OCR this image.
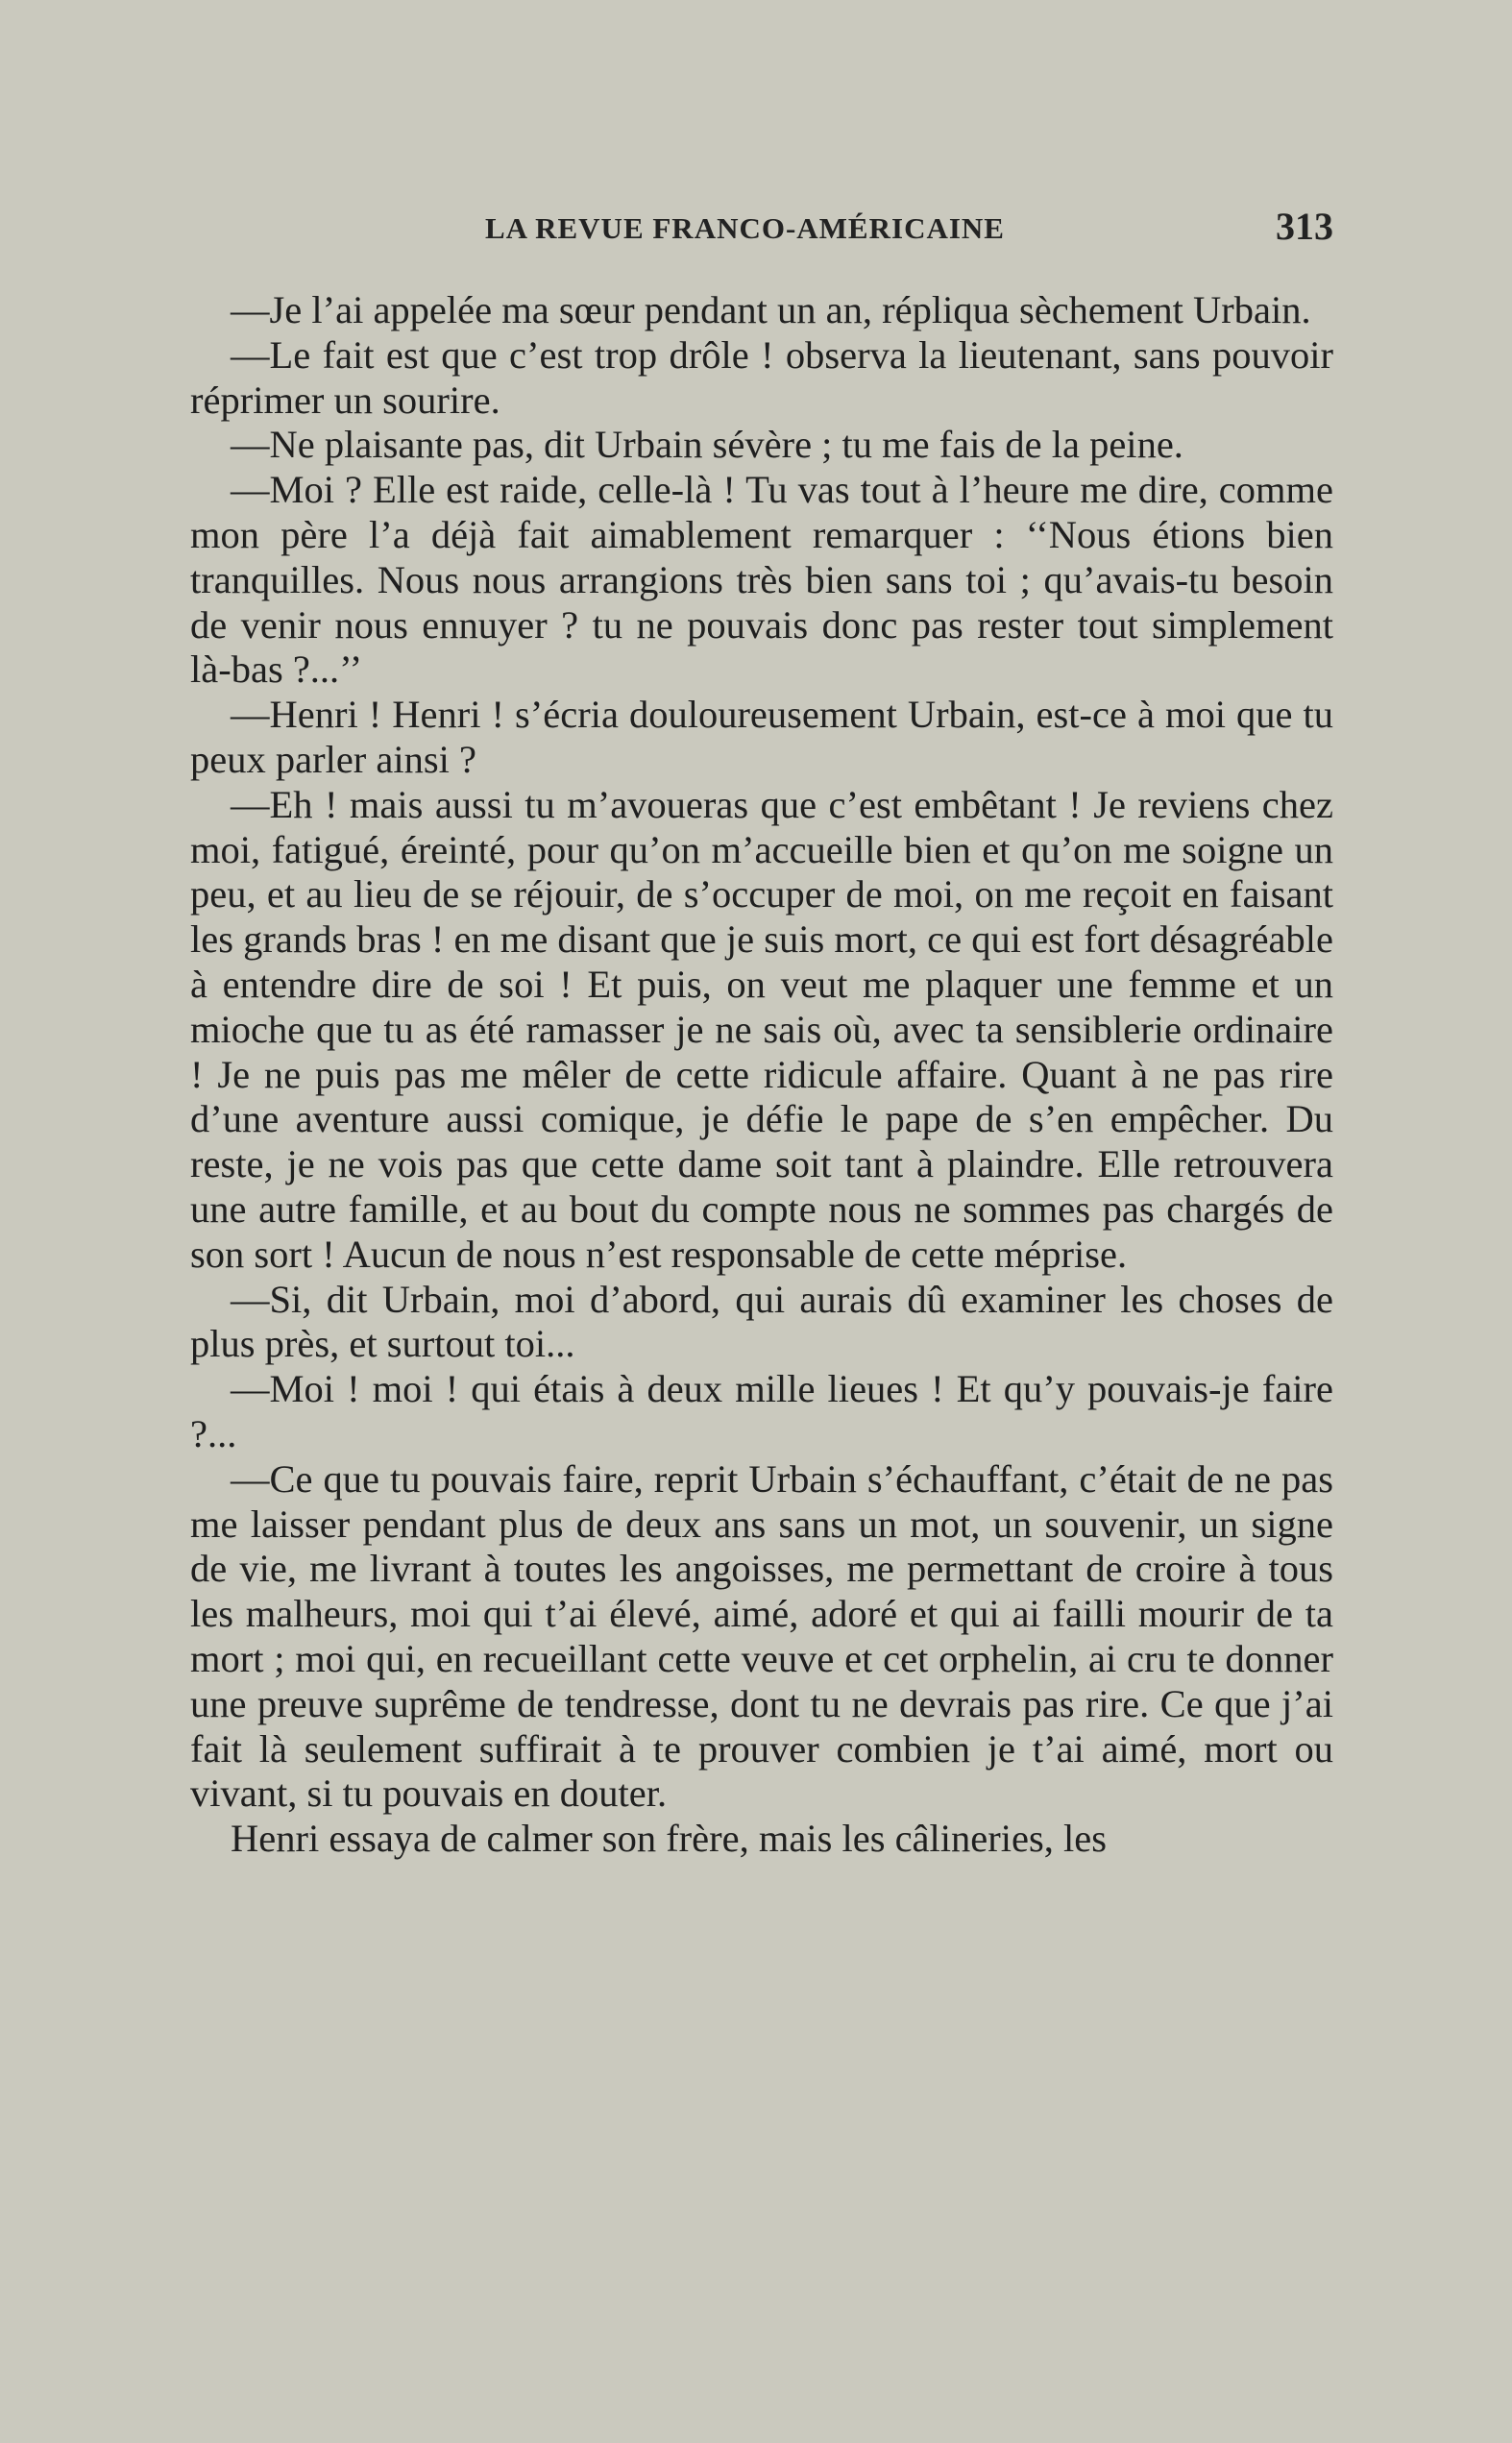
LA REVUE FRANCO-AMÉRICAINE	313

—Je l’ai appelée ma sœur pendant un an, répliqua sèchement Urbain.

—Le fait est que c’est trop drôle ! observa la lieutenant, sans pouvoir réprimer un sourire.

—Ne plaisante pas, dit Urbain sévère ; tu me fais de la peine.

—Moi ? Elle est raide, celle-là ! Tu vas tout à l’heure me dire, comme mon père l’a déjà fait aimablement remarquer : ‘‘Nous étions bien tranquilles. Nous nous arrangions très bien sans toi ; qu’avais-tu besoin de venir nous ennuyer ? tu ne pouvais donc pas rester tout simplement là-bas ?...’’

—Henri ! Henri ! s’écria douloureusement Urbain, est-ce à moi que tu peux parler ainsi ?

—Eh ! mais aussi tu m’avoueras que c’est embêtant ! Je reviens chez moi, fatigué, éreinté, pour qu’on m’accueille bien et qu’on me soigne un peu, et au lieu de se réjouir, de s’occuper de moi, on me reçoit en faisant les grands bras ! en me disant que je suis mort, ce qui est fort désagréable à entendre dire de soi ! Et puis, on veut me plaquer une femme et un mioche que tu as été ramasser je ne sais où, avec ta sensiblerie ordinaire ! Je ne puis pas me mêler de cette ridicule affaire. Quant à ne pas rire d’une aventure aussi comique, je défie le pape de s’en empêcher. Du reste, je ne vois pas que cette dame soit tant à plaindre. Elle retrouvera une autre famille, et au bout du compte nous ne sommes pas chargés de son sort ! Aucun de nous n’est responsable de cette méprise.

—Si, dit Urbain, moi d’abord, qui aurais dû examiner les choses de plus près, et surtout toi...

—Moi ! moi ! qui étais à deux mille lieues ! Et qu’y pouvais-je faire ?...

—Ce que tu pouvais faire, reprit Urbain s’échauffant, c’était de ne pas me laisser pendant plus de deux ans sans un mot, un souvenir, un signe de vie, me livrant à toutes les angoisses, me permettant de croire à tous les malheurs, moi qui t’ai élevé, aimé, adoré et qui ai failli mourir de ta mort ; moi qui, en recueillant cette veuve et cet orphelin, ai cru te donner une preuve suprême de tendresse, dont tu ne devrais pas rire. Ce que j’ai fait là seulement suffirait à te prouver combien je t’ai aimé, mort ou vivant, si tu pouvais en douter.

Henri essaya de calmer son frère, mais les câlineries, les
